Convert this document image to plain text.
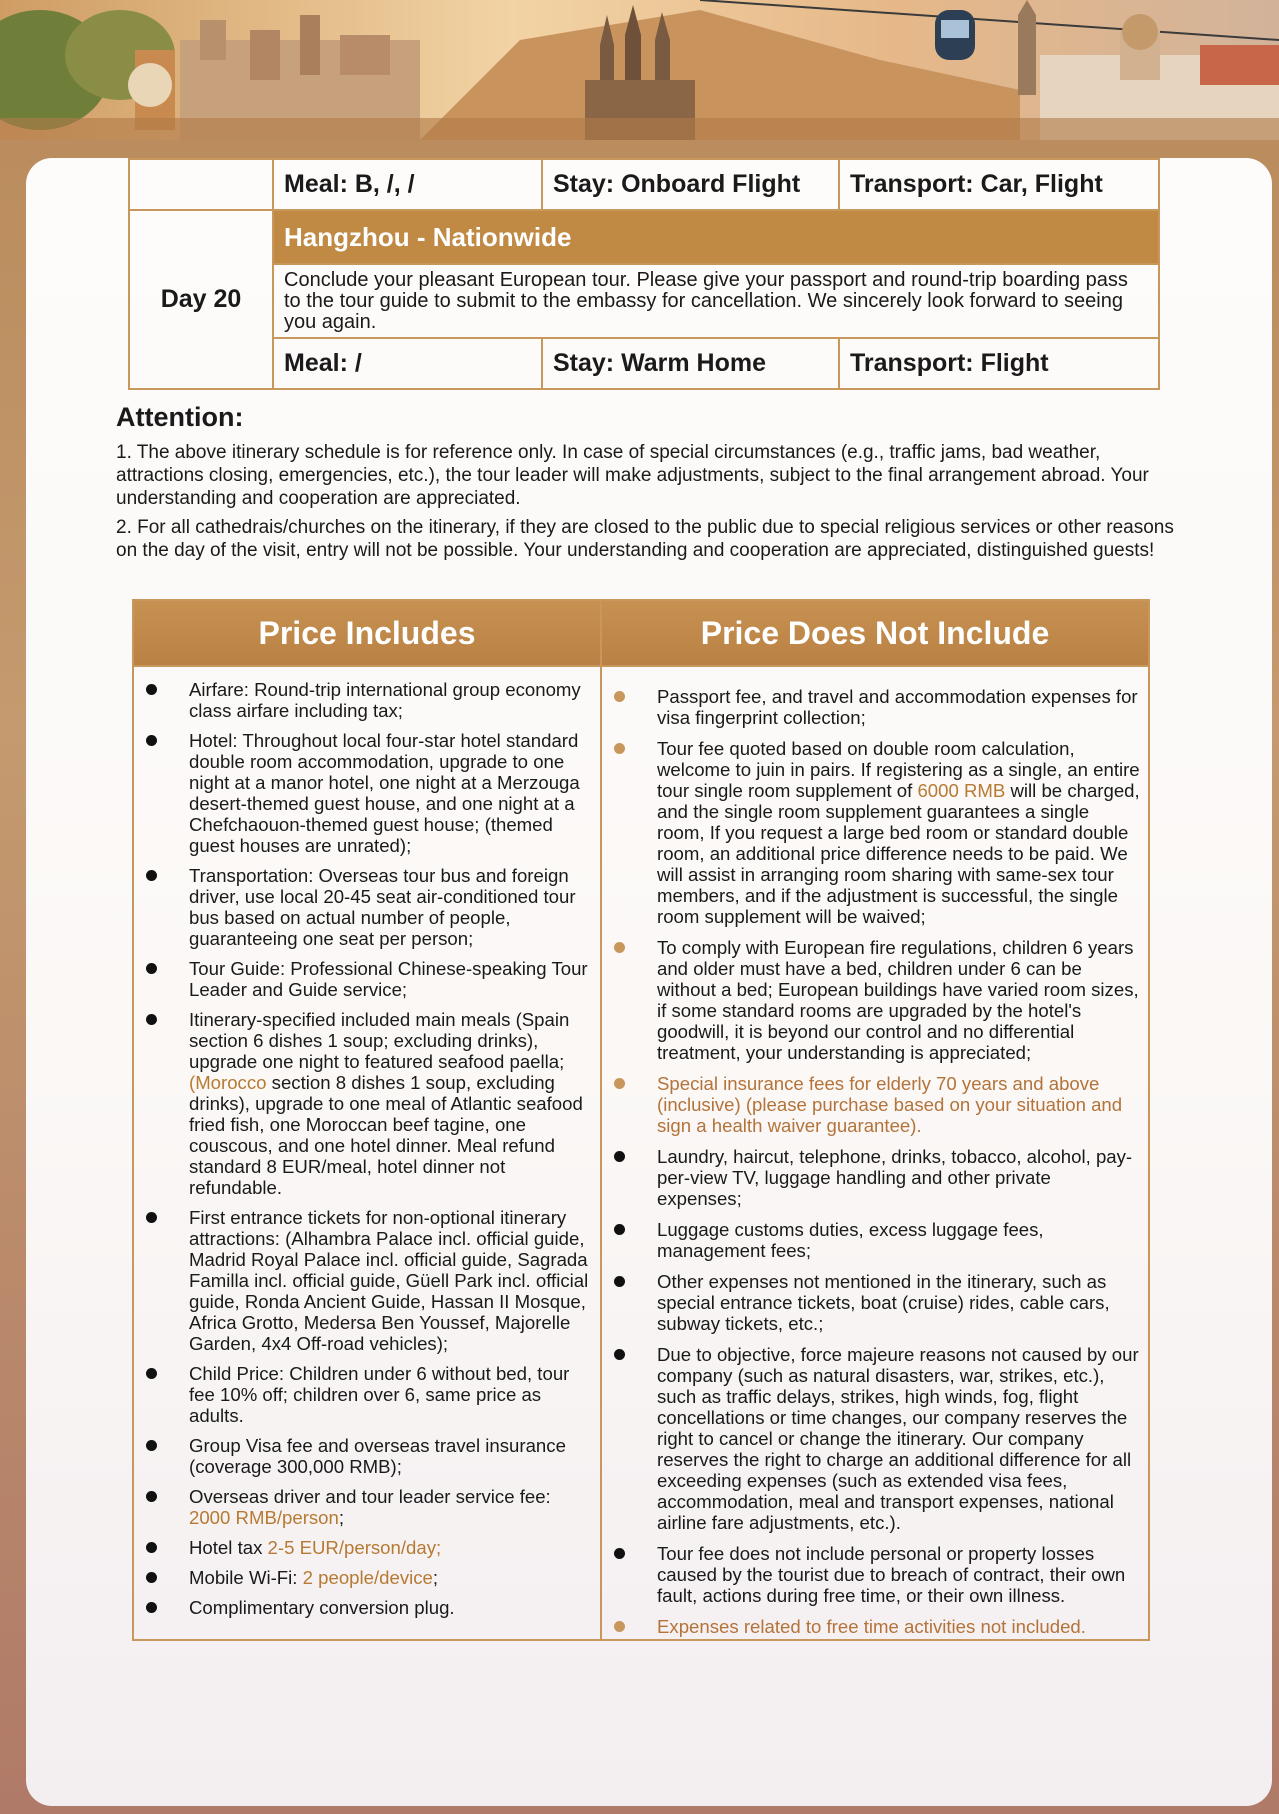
	Meal: B, /, /	Stay: Onboard Flight	Transport: Car, Flight
Day 20	Hangzhou - Nationwide		
	Conclude your pleasant European tour. Please give your passport and round-trip boarding pass to the tour guide to submit to the embassy for cancellation. We sincerely look forward to seeing you again.		
	Meal: /	Stay: Warm Home	Transport: Flight
Attention:

1. The above itinerary schedule is for reference only. In case of special circumstances (e.g., traffic jams, bad weather, attractions closing, emergencies, etc.), the tour leader will make adjustments, subject to the final arrangement abroad. Your understanding and cooperation are appreciated.

2. For all cathedrais/churches on the itinerary, if they are closed to the public due to special religious services or other reasons on the day of the visit, entry will not be possible. Your understanding and cooperation are appreciated, distinguished guests!

Price Includes
Airfare: Round-trip international group economy class airfare including tax;
Hotel: Throughout local four-star hotel standard double room accommodation, upgrade to one night at a manor hotel, one night at a Merzouga desert-themed guest house, and one night at a Chefchaouon-themed guest house; (themed guest houses are unrated);
Transportation: Overseas tour bus and foreign driver, use local 20-45 seat air-conditioned tour bus based on actual number of people, guaranteeing one seat per person;
Tour Guide: Professional Chinese-speaking Tour Leader and Guide service;
Itinerary-specified included main meals (Spain section 6 dishes 1 soup; excluding drinks), upgrade one night to featured seafood paella; (Morocco section 8 dishes 1 soup, excluding drinks), upgrade to one meal of Atlantic seafood fried fish, one Moroccan beef tagine, one couscous, and one hotel dinner. Meal refund standard 8 EUR/meal, hotel dinner not refundable.
First entrance tickets for non-optional itinerary attractions: (Alhambra Palace incl. official guide, Madrid Royal Palace incl. official guide, Sagrada Familla incl. official guide, Güell Park incl. official guide, Ronda Ancient Guide, Hassan II Mosque, Africa Grotto, Medersa Ben Youssef, Majorelle Garden, 4x4 Off-road vehicles);
Child Price: Children under 6 without bed, tour fee 10% off; children over 6, same price as adults.
Group Visa fee and overseas travel insurance (coverage 300,000 RMB);
Overseas driver and tour leader service fee: 2000 RMB/person;
Hotel tax 2-5 EUR/person/day;
Mobile Wi-Fi: 2 people/device;
Complimentary conversion plug.
Price Does Not Include
Passport fee, and travel and accommodation expenses for visa fingerprint collection;
Tour fee quoted based on double room calculation, welcome to juin in pairs. If registering as a single, an entire tour single room supplement of 6000 RMB will be charged, and the single room supplement guarantees a single room, If you request a large bed room or standard double room, an additional price difference needs to be paid. We will assist in arranging room sharing with same-sex tour members, and if the adjustment is successful, the single room supplement will be waived;
To comply with European fire regulations, children 6 years and older must have a bed, children under 6 can be without a bed; European buildings have varied room sizes, if some standard rooms are upgraded by the hotel's goodwill, it is beyond our control and no differential treatment, your understanding is appreciated;
Special insurance fees for elderly 70 years and above (inclusive) (please purchase based on your situation and sign a health waiver guarantee).
Laundry, haircut, telephone, drinks, tobacco, alcohol, pay-per-view TV, luggage handling and other private expenses;
Luggage customs duties, excess luggage fees, management fees;
Other expenses not mentioned in the itinerary, such as special entrance tickets, boat (cruise) rides, cable cars, subway tickets, etc.;
Due to objective, force majeure reasons not caused by our company (such as natural disasters, war, strikes, etc.), such as traffic delays, strikes, high winds, fog, flight concellations or time changes, our company reserves the right to cancel or change the itinerary. Our company reserves the right to charge an additional difference for all exceeding expenses (such as extended visa fees, accommodation, meal and transport expenses, national airline fare adjustments, etc.).
Tour fee does not include personal or property losses caused by the tourist due to breach of contract, their own fault, actions during free time, or their own illness.
Expenses related to free time activities not included.
